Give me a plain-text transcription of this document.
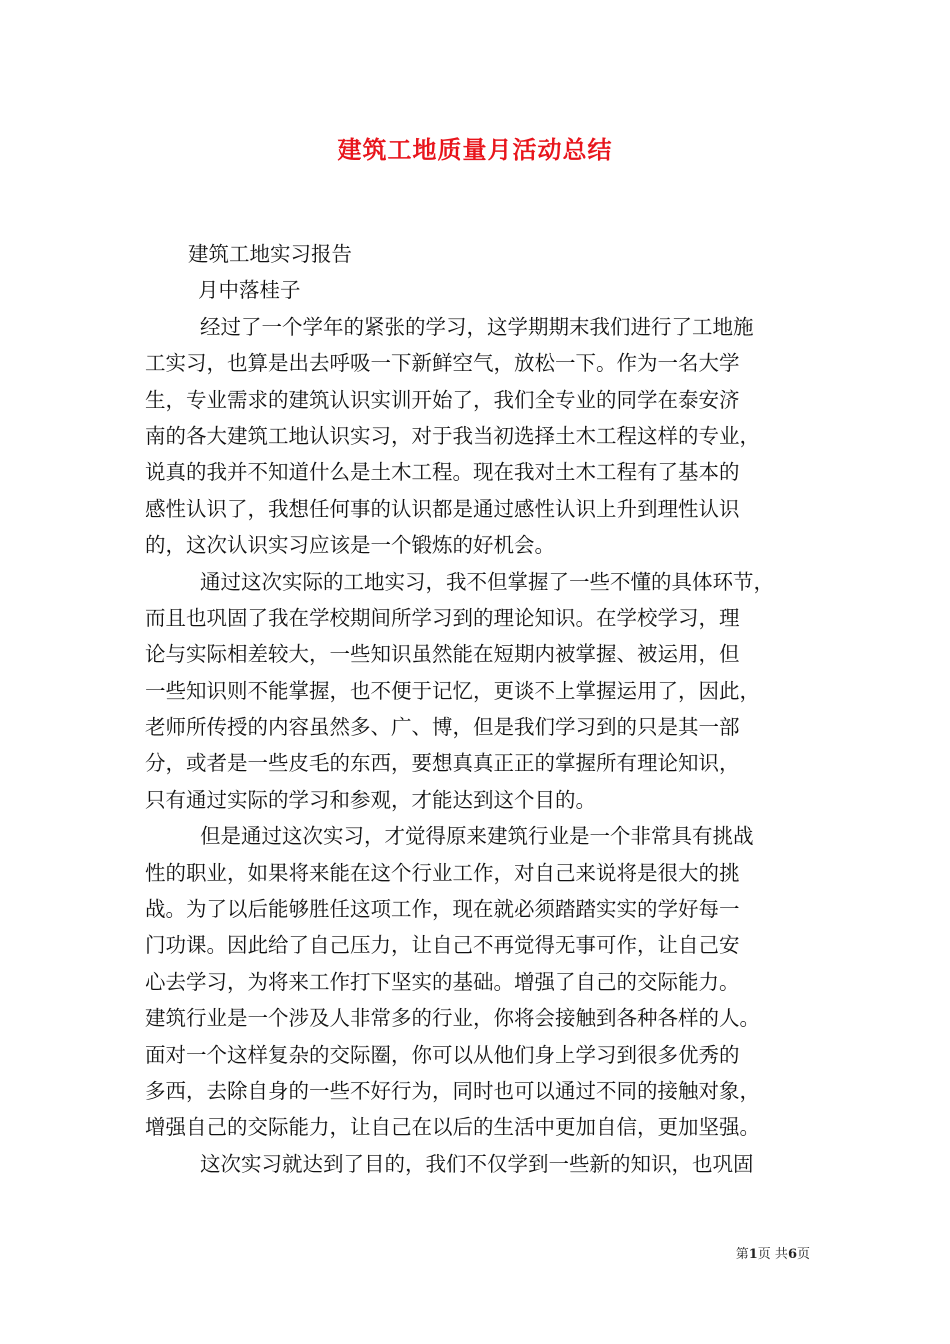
建筑工地质量月活动总结
建筑工地实习报告
月中落桂子
经过了一个学年的紧张的学习，这学期期末我们进行了工地施
工实习，也算是出去呼吸一下新鲜空气，放松一下。作为一名大学
生，专业需求的建筑认识实训开始了，我们全专业的同学在泰安济
南的各大建筑工地认识实习，对于我当初选择土木工程这样的专业，
说真的我并不知道什么是土木工程。现在我对土木工程有了基本的
感性认识了，我想任何事的认识都是通过感性认识上升到理性认识
的，这次认识实习应该是一个锻炼的好机会。
通过这次实际的工地实习，我不但掌握了一些不懂的具体环节，
而且也巩固了我在学校期间所学习到的理论知识。在学校学习，理
论与实际相差较大，一些知识虽然能在短期内被掌握、被运用，但
一些知识则不能掌握，也不便于记忆，更谈不上掌握运用了，因此，
老师所传授的内容虽然多、广、博，但是我们学习到的只是其一部
分，或者是一些皮毛的东西，要想真真正正的掌握所有理论知识，
只有通过实际的学习和参观，才能达到这个目的。
但是通过这次实习，才觉得原来建筑行业是一个非常具有挑战
性的职业，如果将来能在这个行业工作，对自己来说将是很大的挑
战。为了以后能够胜任这项工作，现在就必须踏踏实实的学好每一
门功课。因此给了自己压力，让自己不再觉得无事可作，让自己安
心去学习，为将来工作打下坚实的基础。增强了自己的交际能力。
建筑行业是一个涉及人非常多的行业，你将会接触到各种各样的人。
面对一个这样复杂的交际圈，你可以从他们身上学习到很多优秀的
多西，去除自身的一些不好行为，同时也可以通过不同的接触对象，
增强自己的交际能力，让自己在以后的生活中更加自信，更加坚强。
这次实习就达到了目的，我们不仅学到一些新的知识，也巩固
第1页 共6页
